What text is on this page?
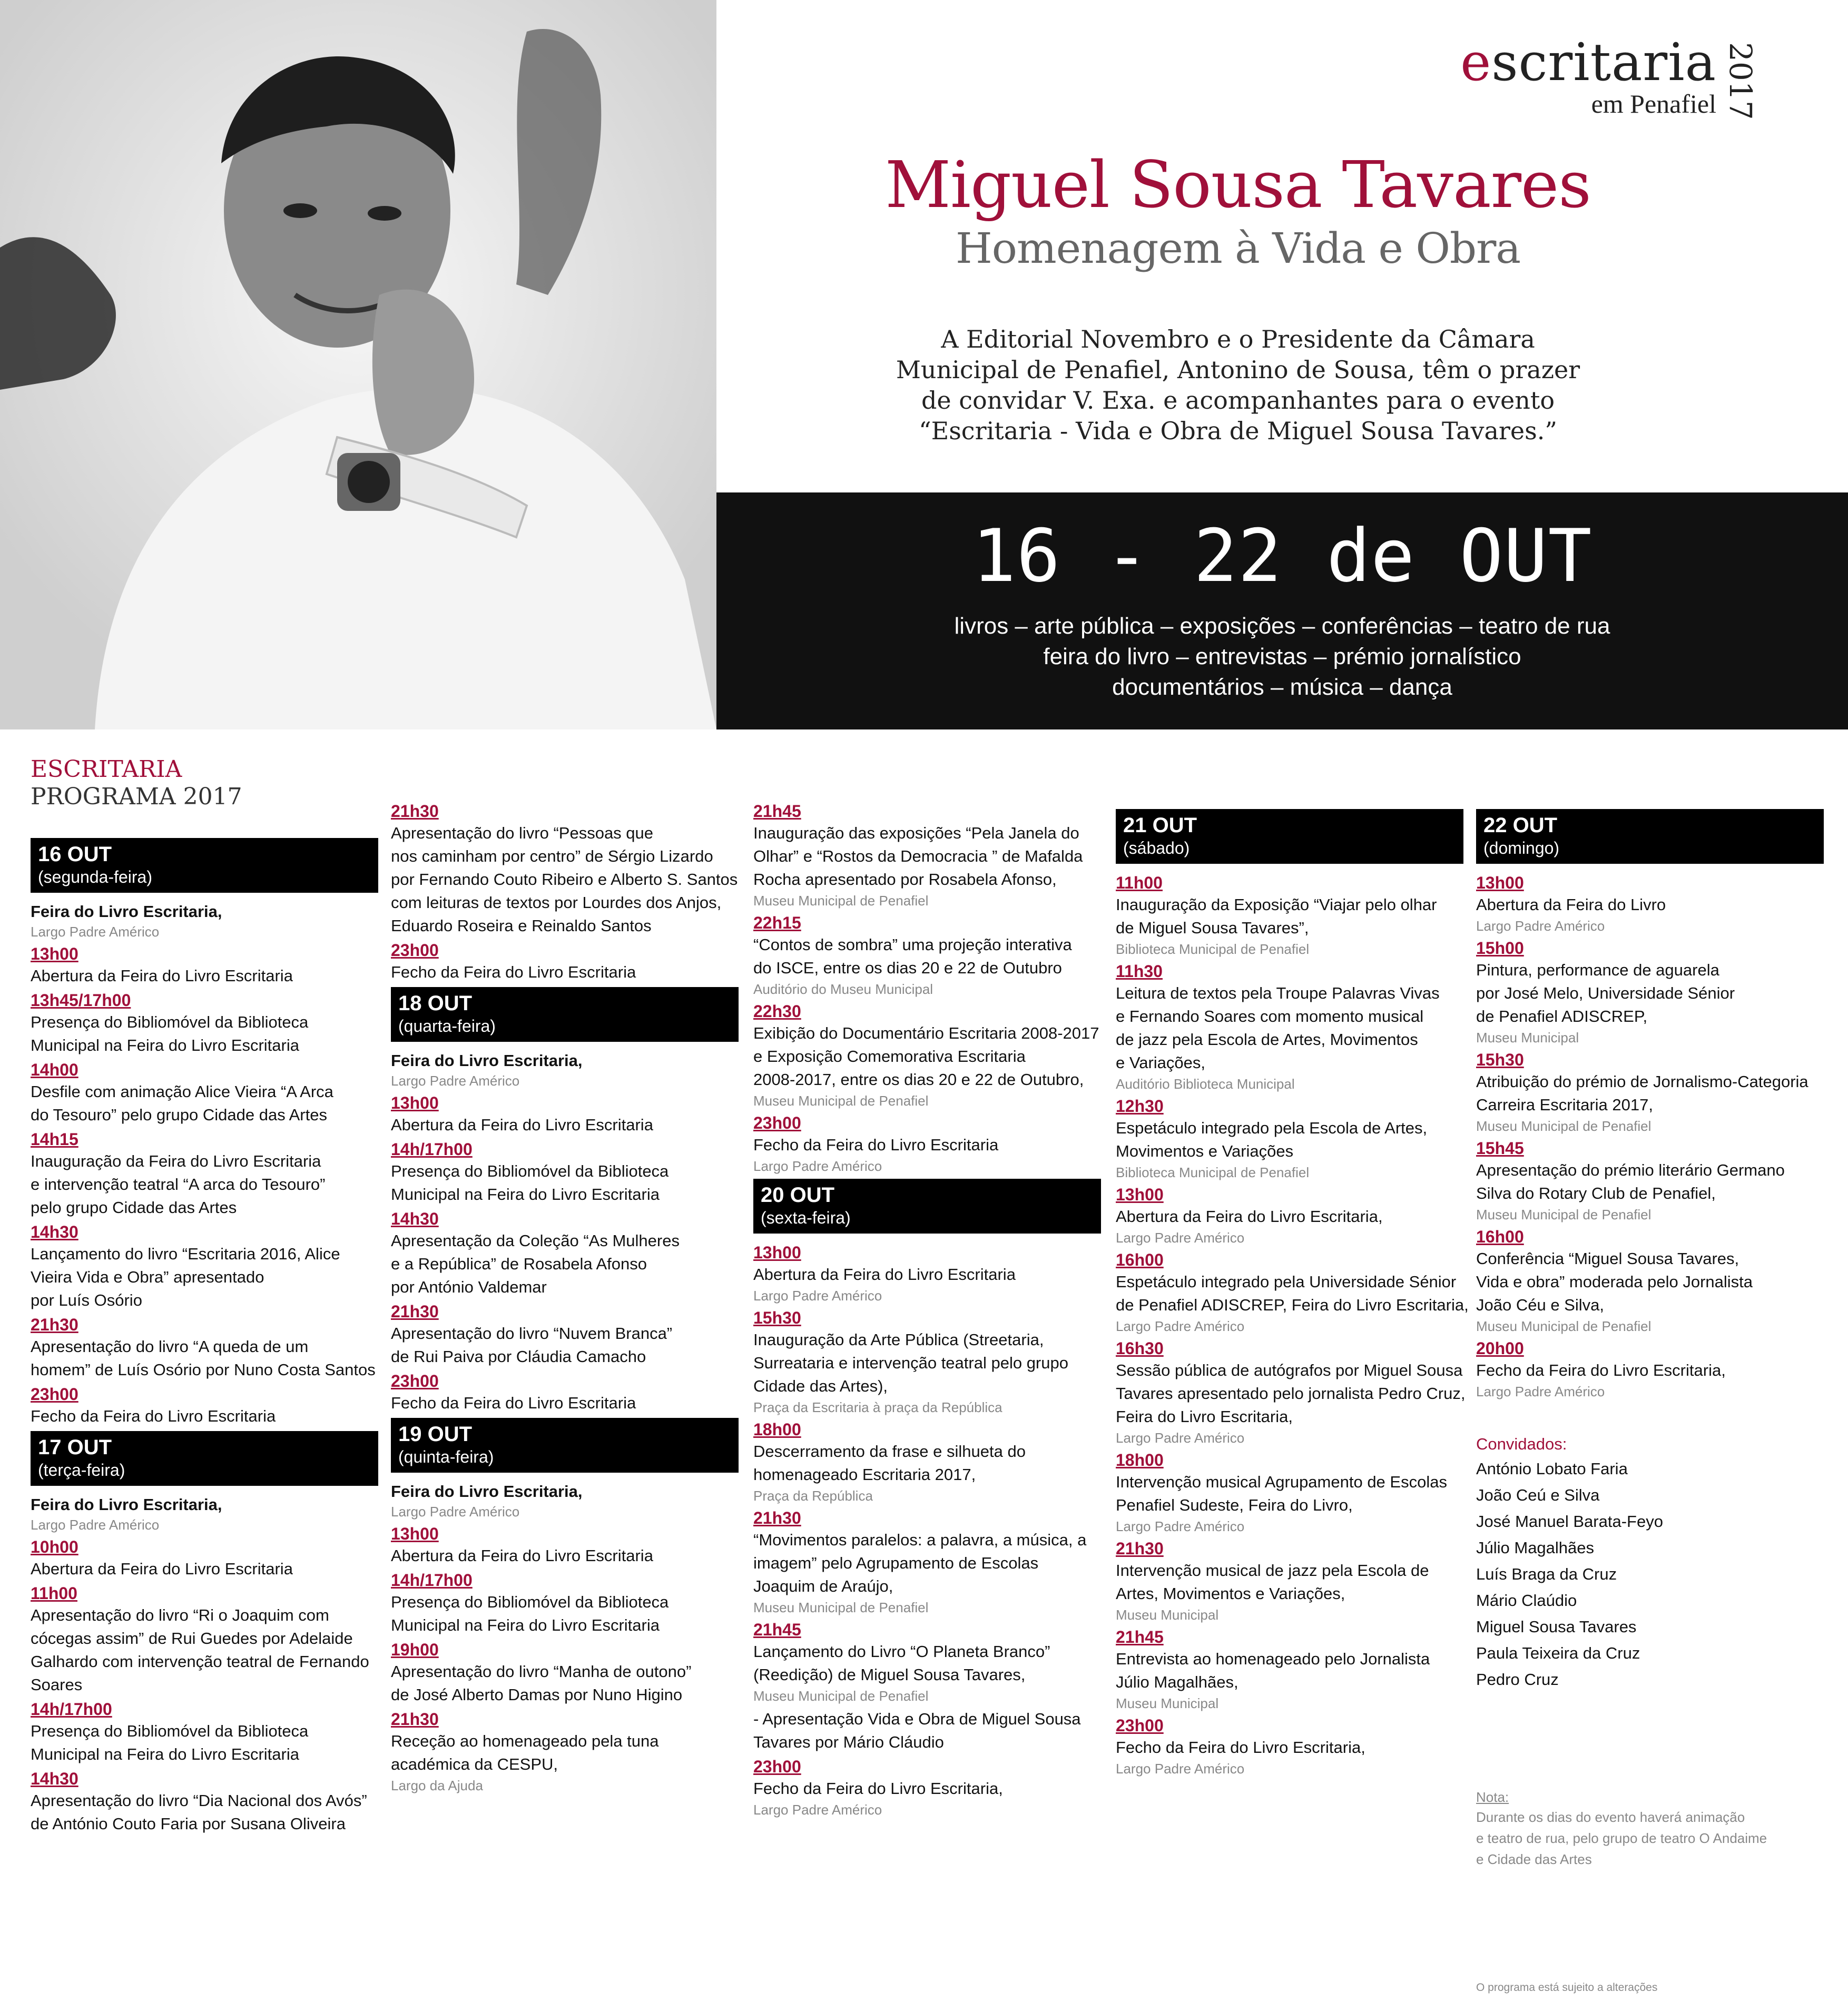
escritaria
em Penafiel 2017
Miguel Sousa Tavares
Homenagem à Vida e Obra
A Editorial Novembro e o Presidente da Câmara
Municipal de Penafiel, Antonino de Sousa, têm o prazer
de convidar V. Exa. e acompanhantes para o evento
“Escritaria - Vida e Obra de Miguel Sousa Tavares.”
16 - 22 de OUT
livros – arte pública – exposições – conferências – teatro de rua
feira do livro – entrevistas – prémio jornalístico
documentários – música – dança
ESCRITARIA
PROGRAMA 2017
16 OUT
(segunda-feira)
Feira do Livro Escritaria,
Largo Padre Américo
13h00
Abertura da Feira do Livro Escritaria
13h45/17h00
Presença do Bibliomóvel da Biblioteca
Municipal na Feira do Livro Escritaria
14h00
Desfile com animação Alice Vieira “A Arca
do Tesouro” pelo grupo Cidade das Artes
14h15
Inauguração da Feira do Livro Escritaria
e intervenção teatral “A arca do Tesouro”
pelo grupo Cidade das Artes
14h30
Lançamento do livro “Escritaria 2016, Alice
Vieira Vida e Obra” apresentado
por Luís Osório
21h30
Apresentação do livro “A queda de um
homem” de Luís Osório por Nuno Costa Santos
23h00
Fecho da Feira do Livro Escritaria
17 OUT
(terça-feira)
Feira do Livro Escritaria,
Largo Padre Américo
10h00
Abertura da Feira do Livro Escritaria
11h00
Apresentação do livro “Ri o Joaquim com
cócegas assim” de Rui Guedes por Adelaide
Galhardo com intervenção teatral de Fernando
Soares
14h/17h00
Presença do Bibliomóvel da Biblioteca
Municipal na Feira do Livro Escritaria
14h30
Apresentação do livro “Dia Nacional dos Avós”
de António Couto Faria por Susana Oliveira
21h30
Apresentação do livro “Pessoas que
nos caminham por centro” de Sérgio Lizardo
por Fernando Couto Ribeiro e Alberto S. Santos
com leituras de textos por Lourdes dos Anjos,
Eduardo Roseira e Reinaldo Santos
23h00
Fecho da Feira do Livro Escritaria
18 OUT
(quarta-feira)
Feira do Livro Escritaria,
Largo Padre Américo
13h00
Abertura da Feira do Livro Escritaria
14h/17h00
Presença do Bibliomóvel da Biblioteca
Municipal na Feira do Livro Escritaria
14h30
Apresentação da Coleção “As Mulheres
e a República” de Rosabela Afonso
por António Valdemar
21h30
Apresentação do livro “Nuvem Branca”
de Rui Paiva por Cláudia Camacho
23h00
Fecho da Feira do Livro Escritaria
19 OUT
(quinta-feira)
Feira do Livro Escritaria,
Largo Padre Américo
13h00
Abertura da Feira do Livro Escritaria
14h/17h00
Presença do Bibliomóvel da Biblioteca
Municipal na Feira do Livro Escritaria
19h00
Apresentação do livro “Manha de outono”
de José Alberto Damas por Nuno Higino
21h30
Receção ao homenageado pela tuna
académica da CESPU,
Largo da Ajuda
21h45
Inauguração das exposições “Pela Janela do
Olhar” e “Rostos da Democracia ” de Mafalda
Rocha apresentado por Rosabela Afonso,
Museu Municipal de Penafiel
22h15
“Contos de sombra” uma projeção interativa
do ISCE, entre os dias 20 e 22 de Outubro
Auditório do Museu Municipal
22h30
Exibição do Documentário Escritaria 2008-2017
e Exposição Comemorativa Escritaria
2008-2017, entre os dias 20 e 22 de Outubro,
Museu Municipal de Penafiel
23h00
Fecho da Feira do Livro Escritaria
Largo Padre Américo
20 OUT
(sexta-feira)
13h00
Abertura da Feira do Livro Escritaria
Largo Padre Américo
15h30
Inauguração da Arte Pública (Streetaria,
Surreataria e intervenção teatral pelo grupo
Cidade das Artes),
Praça da Escritaria à praça da República
18h00
Descerramento da frase e silhueta do
homenageado Escritaria 2017,
Praça da República
21h30
“Movimentos paralelos: a palavra, a música, a
imagem” pelo Agrupamento de Escolas
Joaquim de Araújo,
Museu Municipal de Penafiel
21h45
Lançamento do Livro “O Planeta Branco”
(Reedição) de Miguel Sousa Tavares,
Museu Municipal de Penafiel
- Apresentação Vida e Obra de Miguel Sousa
Tavares por Mário Cláudio
23h00
Fecho da Feira do Livro Escritaria,
Largo Padre Américo
21 OUT
(sábado)
11h00
Inauguração da Exposição “Viajar pelo olhar
de Miguel Sousa Tavares”,
Biblioteca Municipal de Penafiel
11h30
Leitura de textos pela Troupe Palavras Vivas
e Fernando Soares com momento musical
de jazz pela Escola de Artes, Movimentos
e Variações,
Auditório Biblioteca Municipal
12h30
Espetáculo integrado pela Escola de Artes,
Movimentos e Variações
Biblioteca Municipal de Penafiel
13h00
Abertura da Feira do Livro Escritaria,
Largo Padre Américo
16h00
Espetáculo integrado pela Universidade Sénior
de Penafiel ADISCREP, Feira do Livro Escritaria,
Largo Padre Américo
16h30
Sessão pública de autógrafos por Miguel Sousa
Tavares apresentado pelo jornalista Pedro Cruz,
Feira do Livro Escritaria,
Largo Padre Américo
18h00
Intervenção musical Agrupamento de Escolas
Penafiel Sudeste, Feira do Livro,
Largo Padre Américo
21h30
Intervenção musical de jazz pela Escola de
Artes, Movimentos e Variações,
Museu Municipal
21h45
Entrevista ao homenageado pelo Jornalista
Júlio Magalhães,
Museu Municipal
23h00
Fecho da Feira do Livro Escritaria,
Largo Padre Américo
22 OUT
(domingo)
13h00
Abertura da Feira do Livro
Largo Padre Américo
15h00
Pintura, performance de aguarela
por José Melo, Universidade Sénior
de Penafiel ADISCREP,
Museu Municipal
15h30
Atribuição do prémio de Jornalismo-Categoria
Carreira Escritaria 2017,
Museu Municipal de Penafiel
15h45
Apresentação do prémio literário Germano
Silva do Rotary Club de Penafiel,
Museu Municipal de Penafiel
16h00
Conferência “Miguel Sousa Tavares,
Vida e obra” moderada pelo Jornalista
João Céu e Silva,
Museu Municipal de Penafiel
20h00
Fecho da Feira do Livro Escritaria,
Largo Padre Américo
Convidados:
António Lobato Faria
João Ceú e Silva
José Manuel Barata-Feyo
Júlio Magalhães
Luís Braga da Cruz
Mário Claúdio
Miguel Sousa Tavares
Paula Teixeira da Cruz
Pedro Cruz
Nota:
Durante os dias do evento haverá animação
e teatro de rua, pelo grupo de teatro O Andaime
e Cidade das Artes
O programa está sujeito a alterações
